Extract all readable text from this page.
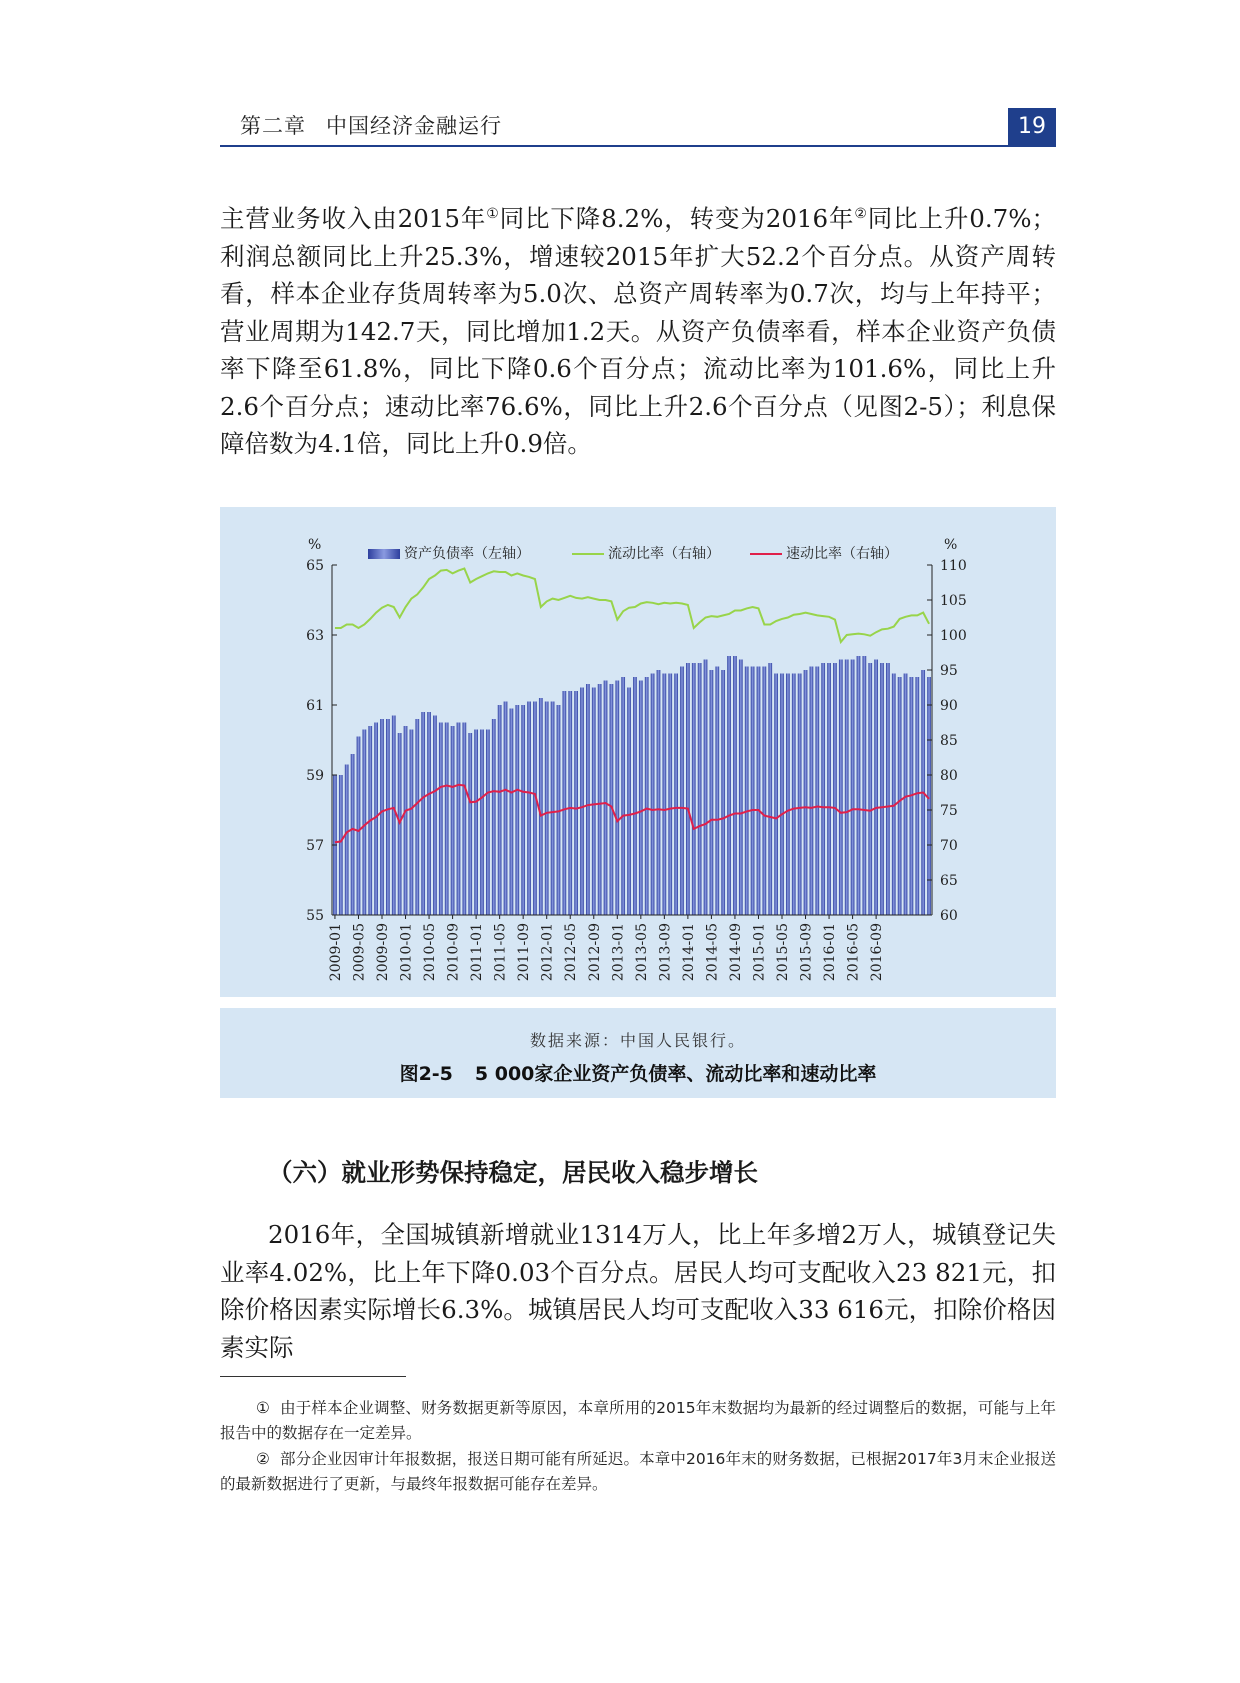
第二章 中国经济金融运行	19

主营业务收入由2015年①同比下降8.2%，转变为2016年②同比上升0.7%；利润总额同比上升25.3%，增速较2015年扩大52.2个百分点。从资产周转看，样本企业存货周转率为5.0次、总资产周转率为0.7次，均与上年持平；营业周期为142.7天，同比增加1.2天。从资产负债率看，样本企业资产负债率下降至61.8%，同比下降0.6个百分点；流动比率为101.6%，同比上升2.6个百分点；速动比率76.6%，同比上升2.6个百分点（见图2-5）；利息保障倍数为4.1倍，同比上升0.9倍。

55
57
59
61
63
65
60
65
70
75
80
85
90
95
100
105
110
%	%
2009-01 2009-05 2009-09 2010-01 2010-05 2010-09 2011-01 2011-05 2011-09 2012-01 2012-05 2012-09 2013-01 2013-05 2013-09 2014-01 2014-05 2014-09 2015-01 2015-05 2015-09 2016-01 2016-05 2016-09
资产负债率（左轴）	流动比率（右轴）	速动比率（右轴）
数据来源：中国人民银行。
图2-5 5 000家企业资产负债率、流动比率和速动比率
（六）就业形势保持稳定，居民收入稳步增长

2016年，全国城镇新增就业1314万人，比上年多增2万人，城镇登记失业率4.02%，比上年下降0.03个百分点。居民人均可支配收入23 821元，扣除价格因素实际增长6.3%。城镇居民人均可支配收入33 616元，扣除价格因素实际

① 由于样本企业调整、财务数据更新等原因，本章所用的2015年末数据均为最新的经过调整后的数据，可能与上年报告中的数据存在一定差异。

② 部分企业因审计年报数据，报送日期可能有所延迟。本章中2016年末的财务数据，已根据2017年3月末企业报送的最新数据进行了更新，与最终年报数据可能存在差异。
